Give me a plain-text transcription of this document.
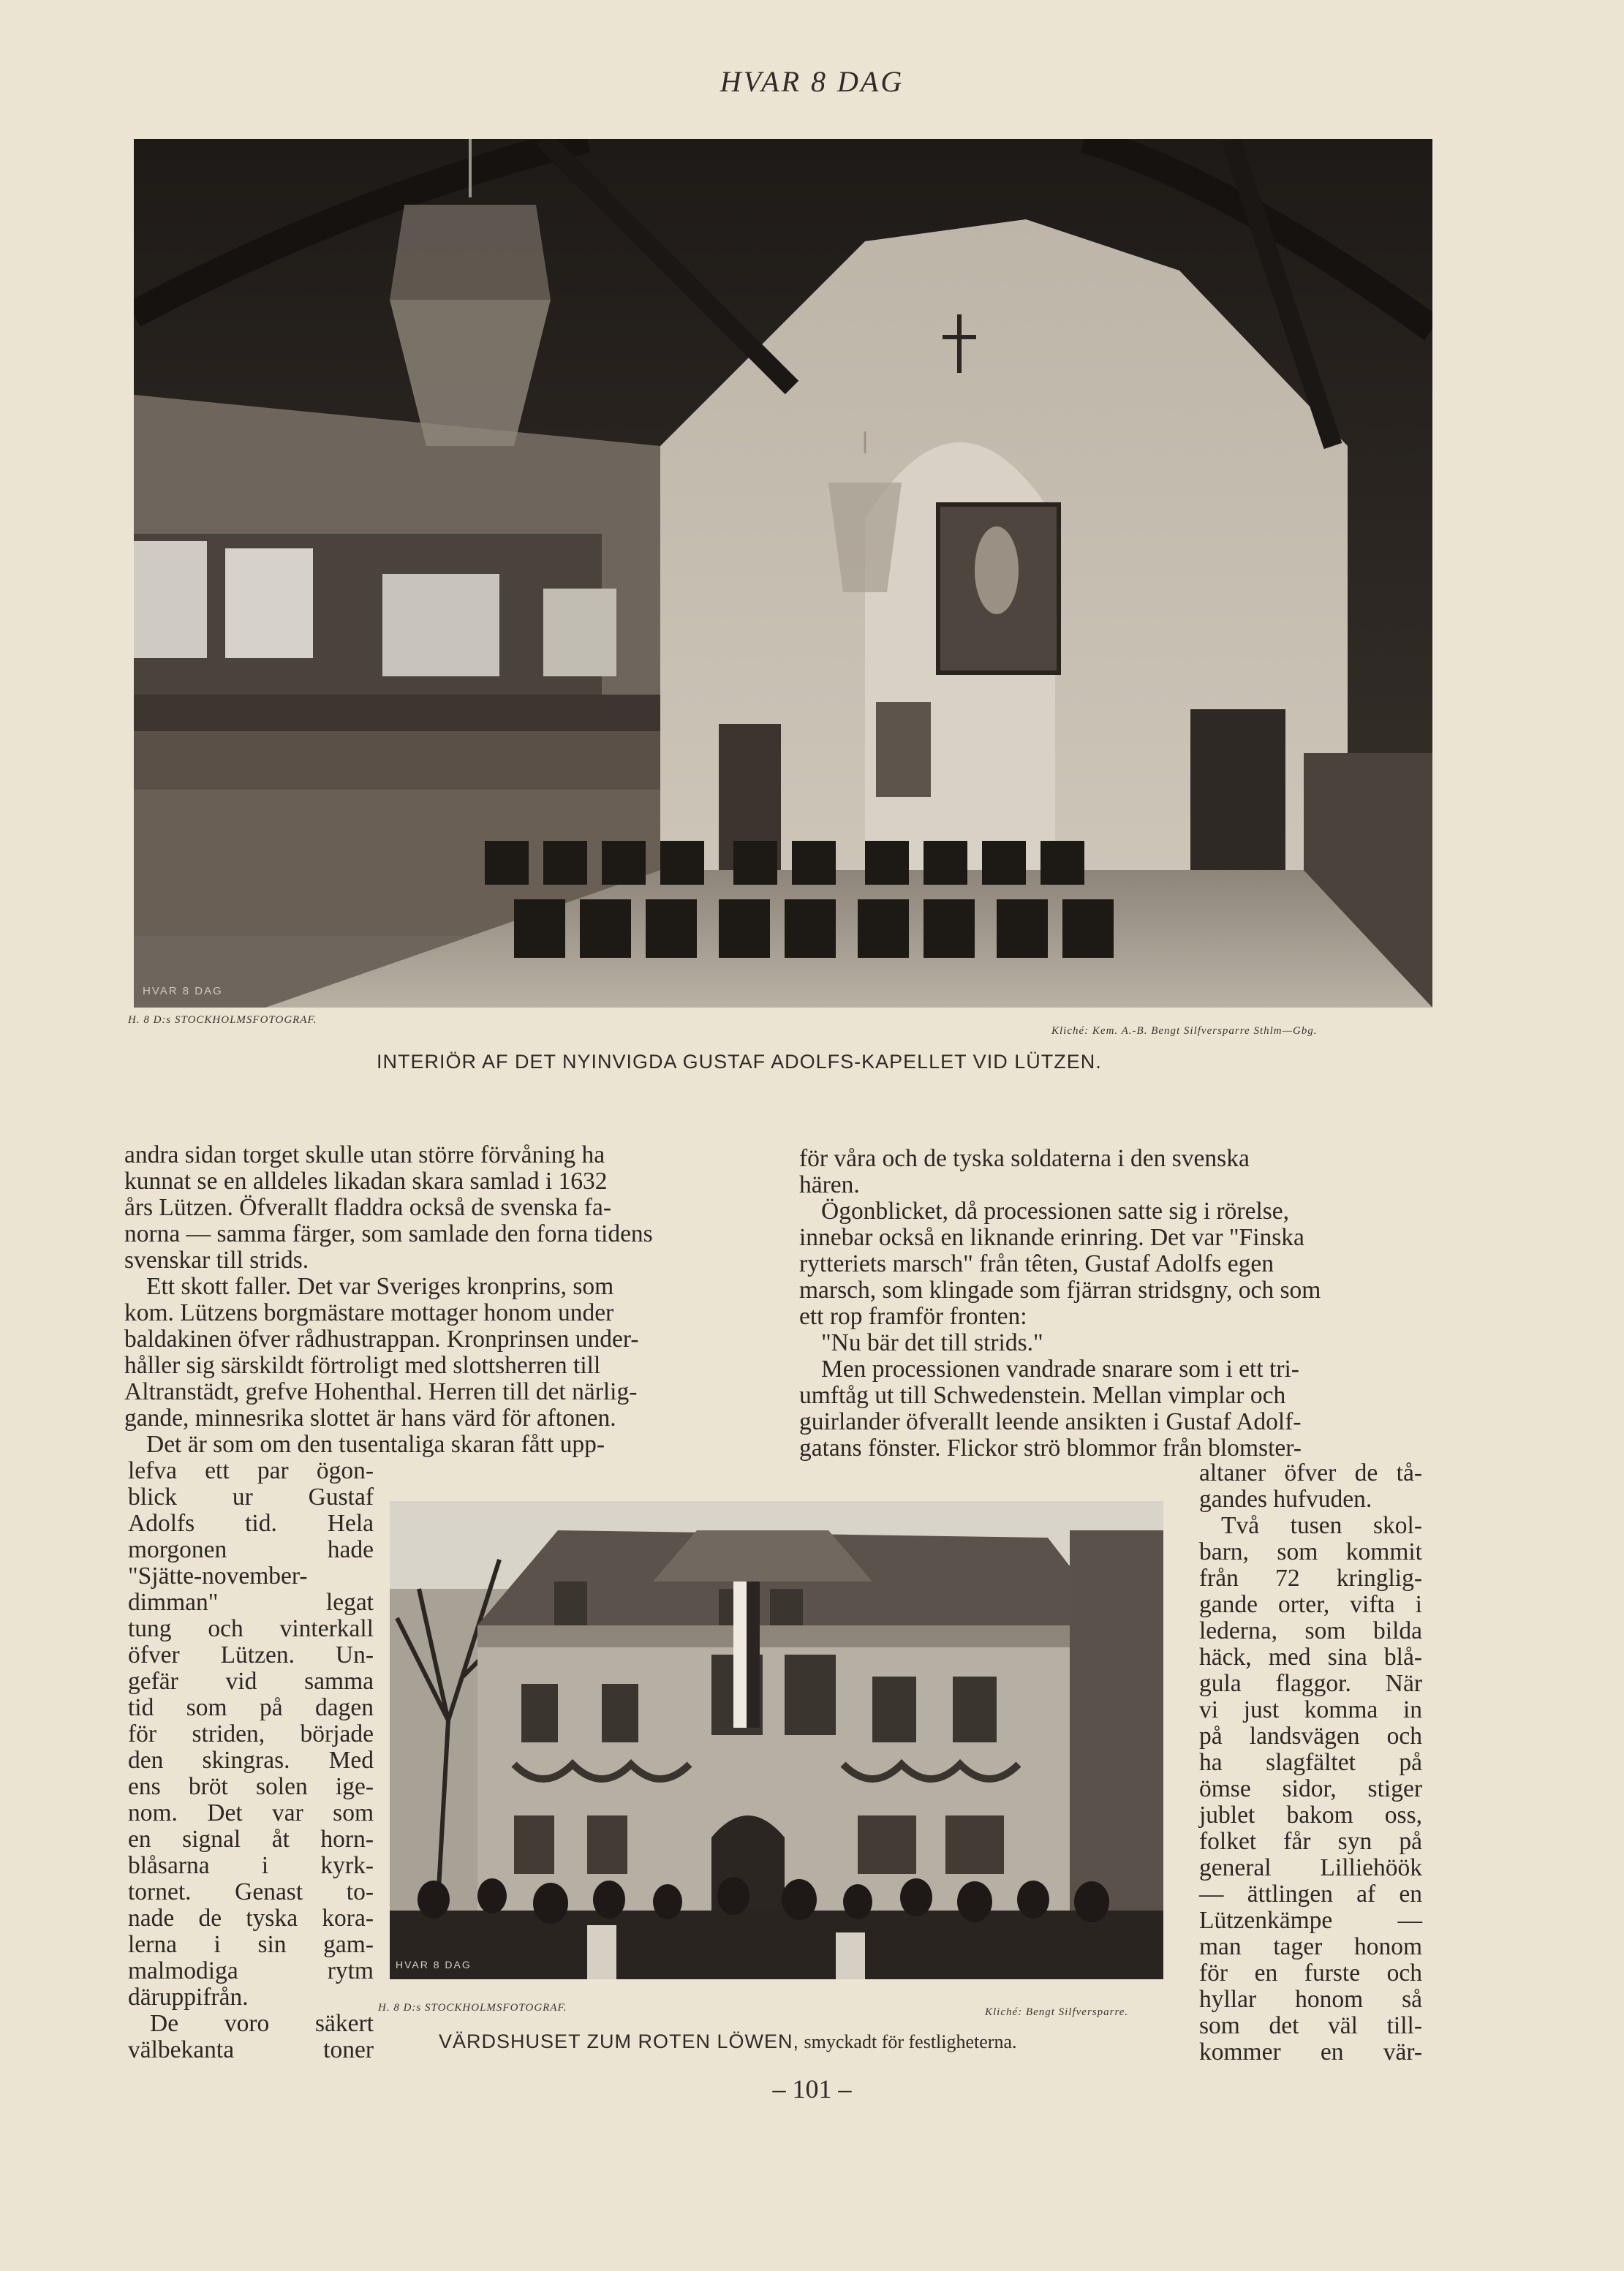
HVAR 8 DAG
HVAR 8 DAG
H. 8 D:s STOCKHOLMSFOTOGRAF.
Kliché: Kem. A.-B. Bengt Silfversparre Sthlm—Gbg.
INTERIÖR AF DET NYINVIGDA GUSTAF ADOLFS-KAPELLET VID LÜTZEN.
andra sidan torget skulle utan större förvåning ha
kunnat se en alldeles likadan skara samlad i 1632
års Lützen. Öfverallt fladdra också de svenska fa-
norna — samma färger, som samlade den forna tidens
svenskar till strids.
Ett skott faller. Det var Sveriges kronprins, som
kom. Lützens borgmästare mottager honom under
baldakinen öfver rådhustrappan. Kronprinsen under-
håller sig särskildt förtroligt med slottsherren till
Altranstädt, grefve Hohenthal. Herren till det närlig-
gande, minnesrika slottet är hans värd för aftonen.
Det är som om den tusentaliga skaran fått upp-
lefva ett par ögon-
blick ur Gustaf
Adolfs tid. Hela
morgonen hade
"Sjätte-november-
dimman" legat
tung och vinterkall
öfver Lützen. Un-
gefär vid samma
tid som på dagen
för striden, började
den skingras. Med
ens bröt solen ige-
nom. Det var som
en signal åt horn-
blåsarna i kyrk-
tornet. Genast to-
nade de tyska kora-
lerna i sin gam-
malmodiga rytm
däruppifrån.
De voro säkert
välbekanta toner
för våra och de tyska soldaterna i den svenska
hären.
Ögonblicket, då processionen satte sig i rörelse,
innebar också en liknande erinring. Det var "Finska
rytteriets marsch" från têten, Gustaf Adolfs egen
marsch, som klingade som fjärran stridsgny, och som
ett rop framför fronten:
"Nu bär det till strids."
Men processionen vandrade snarare som i ett tri-
umftåg ut till Schwedenstein. Mellan vimplar och
guirlander öfverallt leende ansikten i Gustaf Adolf-
gatans fönster. Flickor strö blommor från blomster-
altaner öfver de tå-
gandes hufvuden.
Två tusen skol-
barn, som kommit
från 72 kringlig-
gande orter, vifta i
lederna, som bilda
häck, med sina blå-
gula flaggor. När
vi just komma in
på landsvägen och
ha slagfältet på
ömse sidor, stiger
jublet bakom oss,
folket får syn på
general Lilliehöök
— ättlingen af en
Lützenkämpe —
man tager honom
för en furste och
hyllar honom så
som det väl till-
kommer en vär-
HVAR 8 DAG
H. 8 D:s STOCKHOLMSFOTOGRAF.	Kliché: Bengt Silfversparre.
VÄRDSHUSET ZUM ROTEN LÖWEN, smyckadt för festligheterna.
– 101 –
